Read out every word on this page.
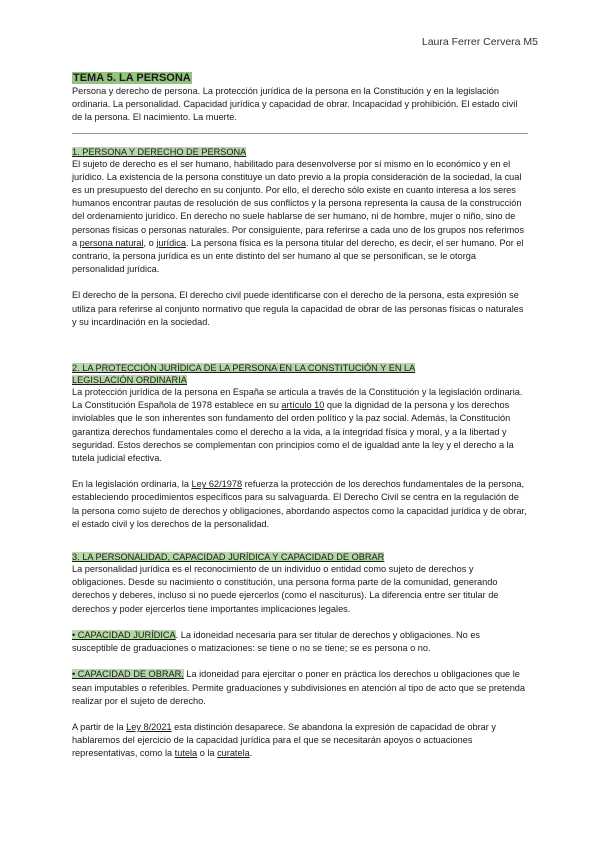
Laura Ferrer Cervera M5
TEMA 5. LA PERSONA

Persona y derecho de persona. La protección jurídica de la persona en la Constitución y en la legislación ordinaria. La personalidad. Capacidad jurídica y capacidad de obrar. Incapacidad y prohibición. El estado civil de la persona. El nacimiento. La muerte.

1. PERSONA Y DERECHO DE PERSONA

El sujeto de derecho es el ser humano, habilitado para desenvolverse por sí mismo en lo económico y en el jurídico. La existencia de la persona constituye un dato previo a la propia consideración de la sociedad, la cual es un presupuesto del derecho en su conjunto. Por ello, el derecho sólo existe en cuanto interesa a los seres humanos encontrar pautas de resolución de sus conflictos y la persona representa la causa de la construcción del ordenamiento jurídico. En derecho no suele hablarse de ser humano, ni de hombre, mujer o niño, sino de personas físicas o personas naturales. Por consiguiente, para referirse a cada uno de los grupos nos referimos a persona natural, o jurídica. La persona física es la persona titular del derecho, es decir, el ser humano. Por el contrario, la persona jurídica es un ente distinto del ser humano al que se personifican, se le otorga personalidad jurídica.

El derecho de la persona. El derecho civil puede identificarse con el derecho de la persona, esta expresión se utiliza para referirse al conjunto normativo que regula la capacidad de obrar de las personas físicas o naturales y su incardinación en la sociedad.

2. LA PROTECCIÓN JURÍDICA DE LA PERSONA EN LA CONSTITUCIÓN Y EN LA
LEGISLACIÓN ORDINARIA

La protección jurídica de la persona en España se articula a través de la Constitución y la legislación ordinaria. La Constitución Española de 1978 establece en su artículo 10 que la dignidad de la persona y los derechos inviolables que le son inherentes son fundamento del orden político y la paz social. Además, la Constitución garantiza derechos fundamentales como el derecho a la vida, a la integridad física y moral, y a la libertad y seguridad. Estos derechos se complementan con principios como el de igualdad ante la ley y el derecho a la tutela judicial efectiva.

En la legislación ordinaria, la Ley 62/1978 refuerza la protección de los derechos fundamentales de la persona, estableciendo procedimientos específicos para su salvaguarda. El Derecho Civil se centra en la regulación de la persona como sujeto de derechos y obligaciones, abordando aspectos como la capacidad jurídica y de obrar, el estado civil y los derechos de la personalidad.

3. LA PERSONALIDAD, CAPACIDAD JURÍDICA Y CAPACIDAD DE OBRAR

La personalidad jurídica es el reconocimiento de un individuo o entidad como sujeto de derechos y obligaciones. Desde su nacimiento o constitución, una persona forma parte de la comunidad, generando derechos y deberes, incluso si no puede ejercerlos (como el nasciturus). La diferencia entre ser titular de derechos y poder ejercerlos tiene importantes implicaciones legales.

• CAPACIDAD JURÍDICA. La idoneidad necesaria para ser titular de derechos y obligaciones. No es susceptible de graduaciones o matizaciones: se tiene o no se tiene; se es persona o no.

• CAPACIDAD DE OBRAR. La idoneidad para ejercitar o poner en práctica los derechos u obligaciones que le sean imputables o referibles. Permite graduaciones y subdivisiones en atención al tipo de acto que se pretenda realizar por el sujeto de derecho.

A partir de la Ley 8/2021 esta distinción desaparece. Se abandona la expresión de capacidad de obrar y hablaremos del ejercicio de la capacidad jurídica para el que se necesitarán apoyos o actuaciones representativas, como la tutela o la curatela.
